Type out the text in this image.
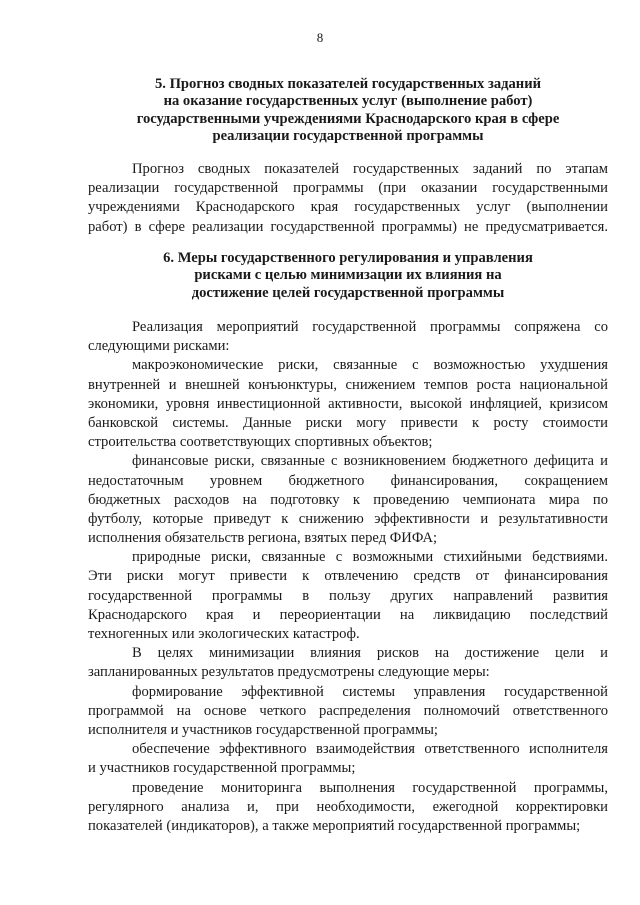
8
5. Прогноз сводных показателей государственных заданий
на оказание государственных услуг (выполнение работ)
государственными учреждениями Краснодарского края в сфере
реализации государственной программы
Прогноз сводных показателей государственных заданий по этапам
реализации государственной программы (при оказании государственными
учреждениями Краснодарского края государственных услуг (выполнении
работ) в сфере реализации государственной программы) не предусматривается.
6. Меры государственного регулирования и управления
рисками с целью минимизации их влияния на
достижение целей государственной программы
Реализация мероприятий государственной программы сопряжена со
следующими рисками:
макроэкономические риски, связанные с возможностью ухудшения
внутренней и внешней конъюнктуры, снижением темпов роста национальной
экономики, уровня инвестиционной активности, высокой инфляцией, кризисом
банковской системы. Данные риски могу привести к росту стоимости
строительства соответствующих спортивных объектов;
финансовые риски, связанные с возникновением бюджетного дефицита и
недостаточным уровнем бюджетного финансирования, сокращением
бюджетных расходов на подготовку к проведению чемпионата мира по
футболу, которые приведут к снижению эффективности и результативности
исполнения обязательств региона, взятых перед ФИФА;
природные риски, связанные с возможными стихийными бедствиями.
Эти риски могут привести к отвлечению средств от финансирования
государственной программы в пользу других направлений развития
Краснодарского края и переориентации на ликвидацию последствий
техногенных или экологических катастроф.
В целях минимизации влияния рисков на достижение цели и
запланированных результатов предусмотрены следующие меры:
формирование эффективной системы управления государственной
программой на основе четкого распределения полномочий ответственного
исполнителя и участников государственной программы;
обеспечение эффективного взаимодействия ответственного исполнителя
и участников государственной программы;
проведение мониторинга выполнения государственной программы,
регулярного анализа и, при необходимости, ежегодной корректировки
показателей (индикаторов), а также мероприятий государственной программы;
